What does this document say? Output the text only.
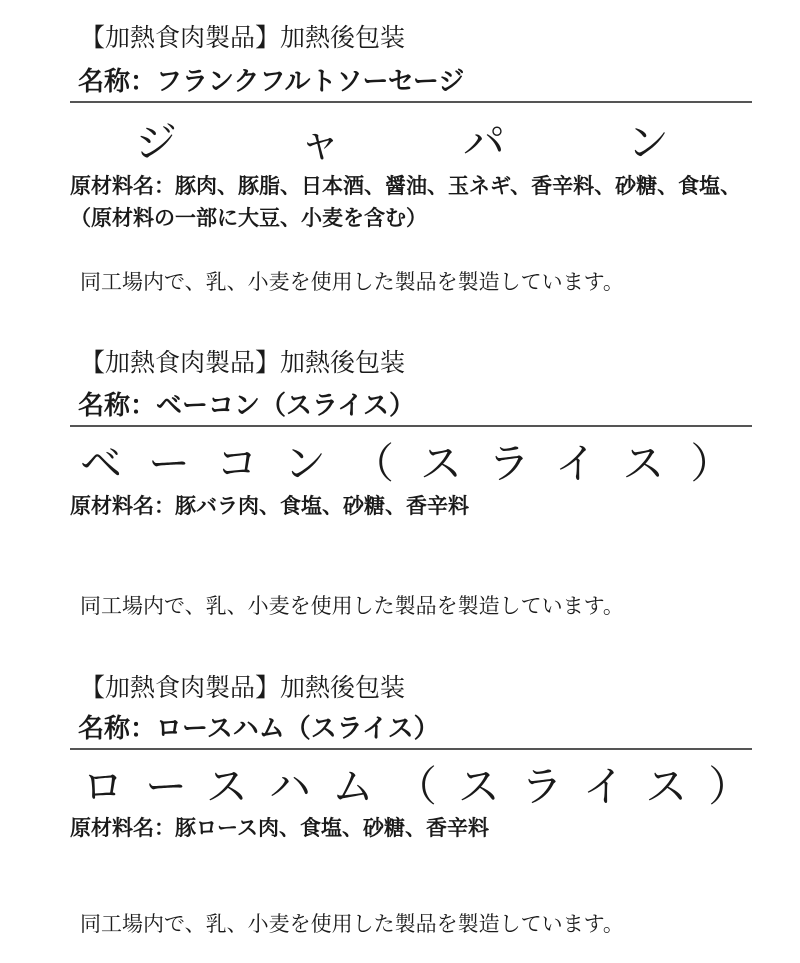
【加熱食肉製品】加熱後包装
名称：フランクフルトソーセージ
ジ　ャ　パ　ン
原材料名：豚肉、豚脂、日本酒、醤油、玉ネギ、香辛料、砂糖、食塩、（原材料の一部に大豆、小麦を含む）
同工場内で、乳、小麦を使用した製品を製造しています。
【加熱食肉製品】加熱後包装
名称：ベーコン（スライス）
ベーコン（スライス）
原材料名：豚バラ肉、食塩、砂糖、香辛料
同工場内で、乳、小麦を使用した製品を製造しています。
【加熱食肉製品】加熱後包装
名称：ロースハム（スライス）
ロースハム（スライス）
原材料名：豚ロース肉、食塩、砂糖、香辛料
同工場内で、乳、小麦を使用した製品を製造しています。
